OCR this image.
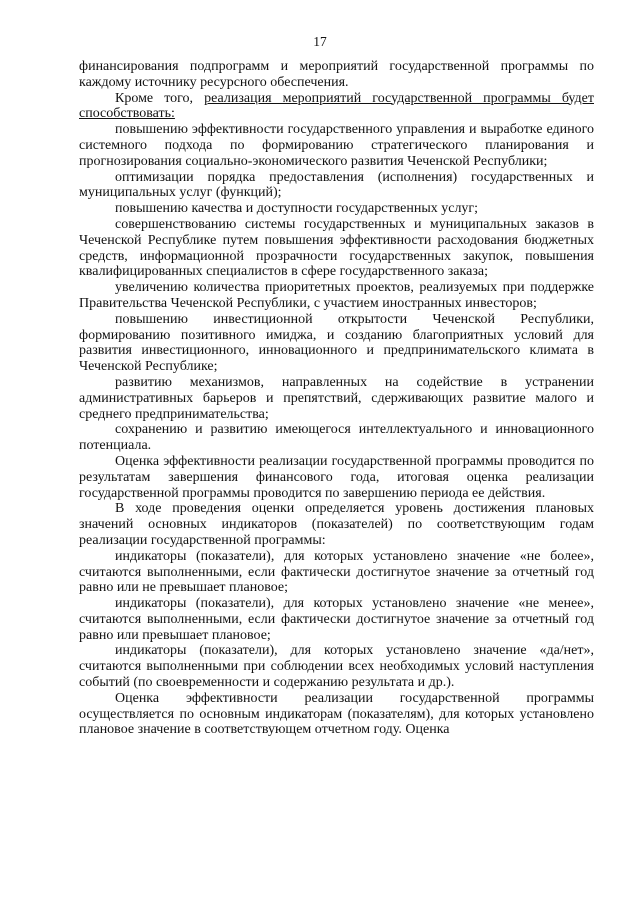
17

финансирования подпрограмм и мероприятий государственной программы по каждому источнику ресурсного обеспечения.

Кроме того, реализация мероприятий государственной программы будет способствовать:

повышению эффективности государственного управления и выработке единого системного подхода по формированию стратегического планирования и прогнозирования социально-экономического развития Чеченской Республики;

оптимизации порядка предоставления (исполнения) государственных и муниципальных услуг (функций);

повышению качества и доступности государственных услуг;

совершенствованию системы государственных и муниципальных заказов в Чеченской Республике путем повышения эффективности расходования бюджетных средств, информационной прозрачности государственных закупок, повышения квалифицированных специалистов в сфере государственного заказа;

увеличению количества приоритетных проектов, реализуемых при поддержке Правительства Чеченской Республики, с участием иностранных инвесторов;

повышению инвестиционной открытости Чеченской Республики, формированию позитивного имиджа, и созданию благоприятных условий для развития инвестиционного, инновационного и предпринимательского климата в Чеченской Республике;

развитию механизмов, направленных на содействие в устранении административных барьеров и препятствий, сдерживающих развитие малого и среднего предпринимательства;

сохранению и развитию имеющегося интеллектуального и инновационного потенциала.

Оценка эффективности реализации государственной программы проводится по результатам завершения финансового года, итоговая оценка реализации государственной программы проводится по завершению периода ее действия.

В ходе проведения оценки определяется уровень достижения плановых значений основных индикаторов (показателей) по соответствующим годам реализации государственной программы:

индикаторы (показатели), для которых установлено значение «не более», считаются выполненными, если фактически достигнутое значение за отчетный год равно или не превышает плановое;

индикаторы (показатели), для которых установлено значение «не менее», считаются выполненными, если фактически достигнутое значение за отчетный год равно или превышает плановое;

индикаторы (показатели), для которых установлено значение «да/нет», считаются выполненными при соблюдении всех необходимых условий наступления событий (по своевременности и содержанию результата и др.).

Оценка эффективности реализации государственной программы осуществляется по основным индикаторам (показателям), для которых установлено плановое значение в соответствующем отчетном году. Оценка
